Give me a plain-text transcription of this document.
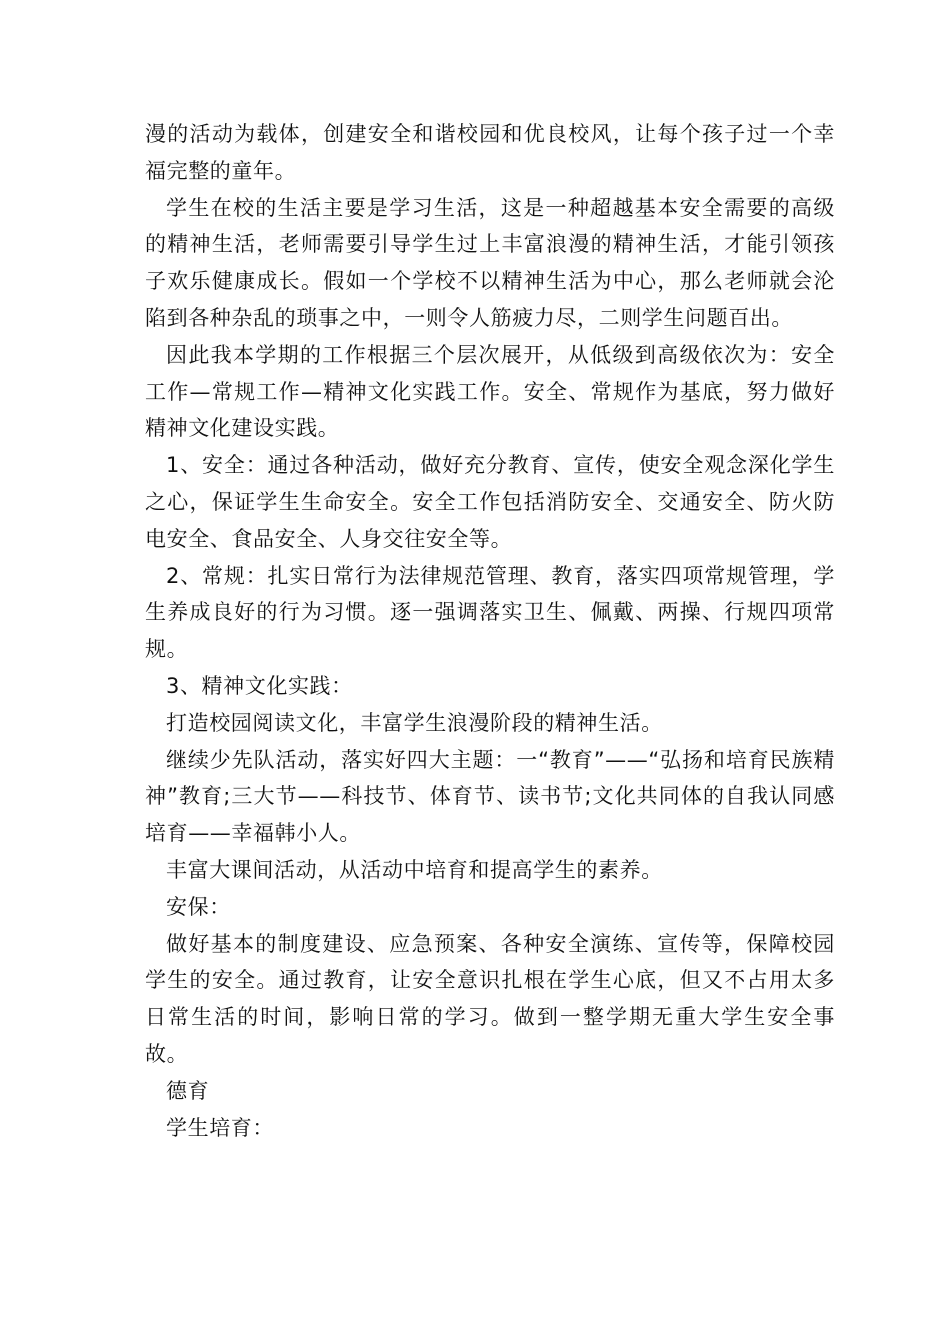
漫的活动为载体，创建安全和谐校园和优良校风，让每个孩子过一个幸福完整的童年。

学生在校的生活主要是学习生活，这是一种超越基本安全需要的高级的精神生活，老师需要引导学生过上丰富浪漫的精神生活，才能引领孩子欢乐健康成长。假如一个学校不以精神生活为中心，那么老师就会沦陷到各种杂乱的琐事之中，一则令人筋疲力尽，二则学生问题百出。

因此我本学期的工作根据三个层次展开，从低级到高级依次为：安全工作—常规工作—精神文化实践工作。安全、常规作为基底，努力做好精神文化建设实践。

1、安全：通过各种活动，做好充分教育、宣传，使安全观念深化学生之心，保证学生生命安全。安全工作包括消防安全、交通安全、防火防电安全、食品安全、人身交往安全等。

2、常规：扎实日常行为法律规范管理、教育，落实四项常规管理，学生养成良好的行为习惯。逐一强调落实卫生、佩戴、两操、行规四项常规。

3、精神文化实践：

打造校园阅读文化，丰富学生浪漫阶段的精神生活。

继续少先队活动，落实好四大主题：一“教育”——“弘扬和培育民族精神”教育;三大节——科技节、体育节、读书节;文化共同体的自我认同感培育——幸福韩小人。

丰富大课间活动，从活动中培育和提高学生的素养。

安保：

做好基本的制度建设、应急预案、各种安全演练、宣传等，保障校园学生的安全。通过教育，让安全意识扎根在学生心底，但又不占用太多日常生活的时间，影响日常的学习。做到一整学期无重大学生安全事故。

德育

学生培育：
